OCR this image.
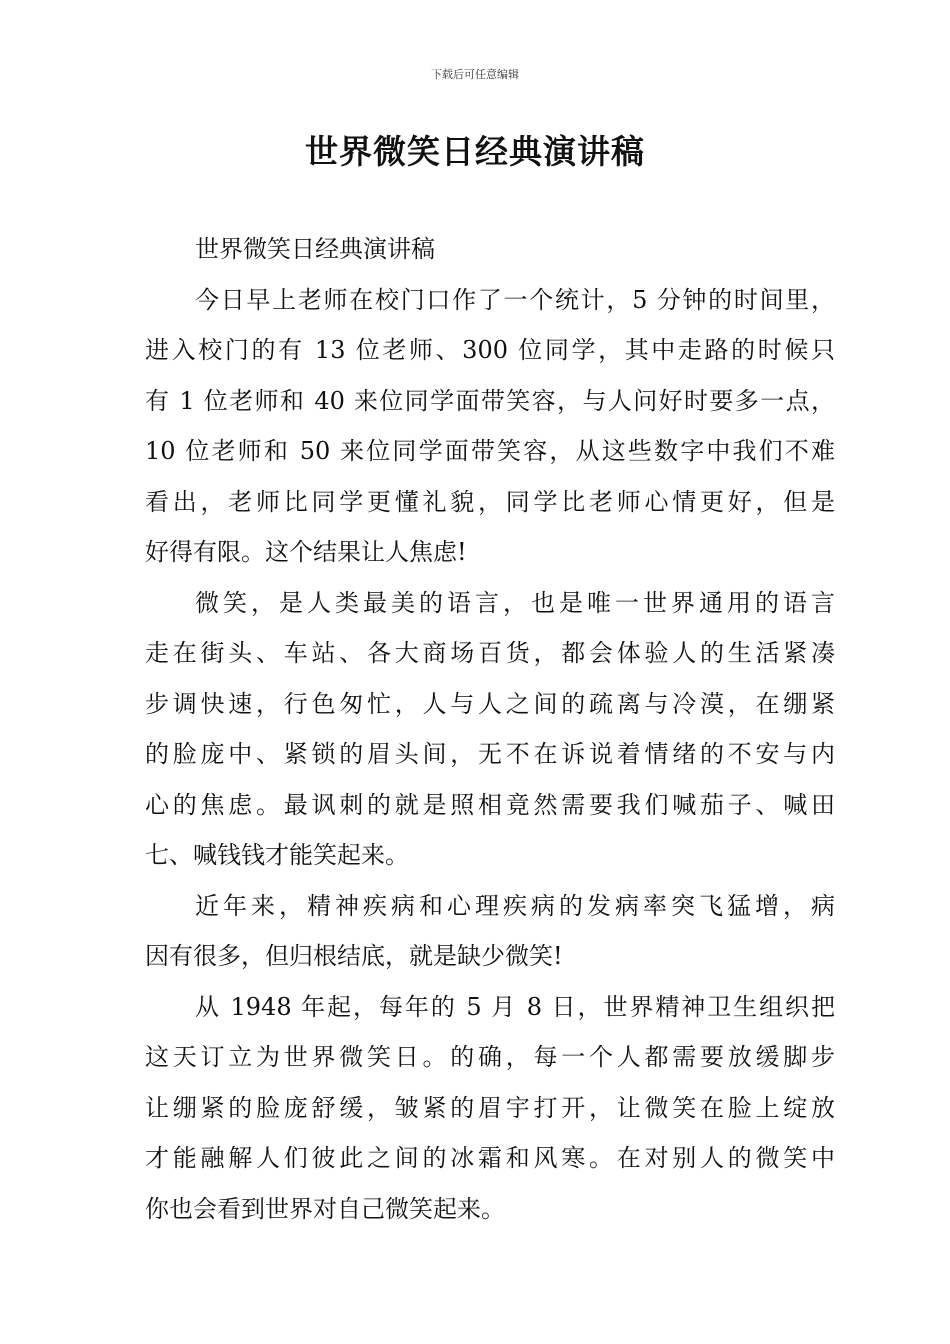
下载后可任意编辑
世界微笑日经典演讲稿
世界微笑日经典演讲稿
今日早上老师在校门口作了一个统计，5 分钟的时间里，
进入校门的有 13 位老师、300 位同学，其中走路的时候只
有 1 位老师和 40 来位同学面带笑容，与人问好时要多一点，
10 位老师和 50 来位同学面带笑容，从这些数字中我们不难
看出，老师比同学更懂礼貌，同学比老师心情更好，但是
好得有限。这个结果让人焦虑!
微笑，是人类最美的语言，也是唯一世界通用的语言
走在街头、车站、各大商场百货，都会体验人的生活紧凑
步调快速，行色匆忙，人与人之间的疏离与冷漠，在绷紧
的脸庞中、紧锁的眉头间，无不在诉说着情绪的不安与内
心的焦虑。最讽刺的就是照相竟然需要我们喊茄子、喊田
七、喊钱钱才能笑起来。
近年来，精神疾病和心理疾病的发病率突飞猛增，病
因有很多，但归根结底，就是缺少微笑!
从 1948 年起，每年的 5 月 8 日，世界精神卫生组织把
这天订立为世界微笑日。的确，每一个人都需要放缓脚步
让绷紧的脸庞舒缓，皱紧的眉宇打开，让微笑在脸上绽放
才能融解人们彼此之间的冰霜和风寒。在对别人的微笑中
你也会看到世界对自己微笑起来。
